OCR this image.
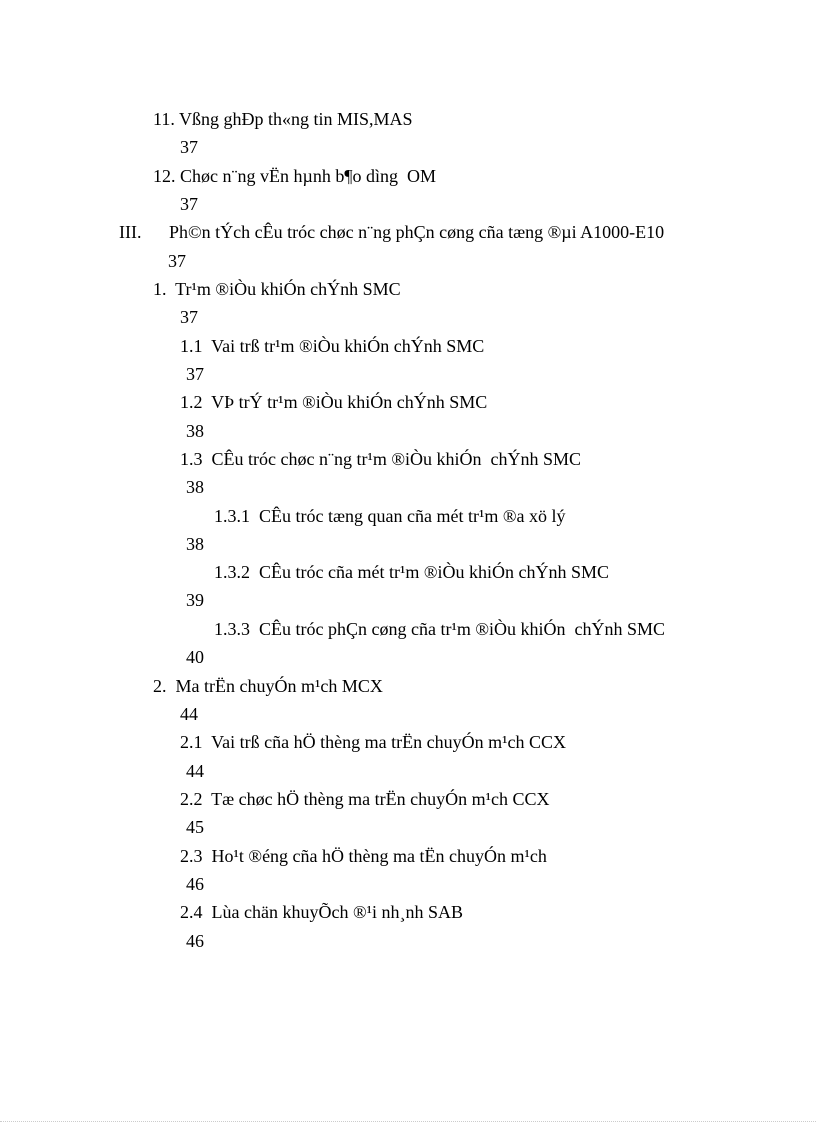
11. Vßng ghÐp th«ng tin MIS,MAS
37
12. Chøc n¨ng vËn hµnh b¶o dìng  OM
37
III. Ph©n tÝch cÊu tróc chøc n¨ng phÇn cøng cña tæng ®µi A1000-E10
37
1.  Tr¹m ®iÒu khiÓn chÝnh SMC
37
1.1  Vai trß tr¹m ®iÒu khiÓn chÝnh SMC
37
1.2  VÞ trÝ tr¹m ®iÒu khiÓn chÝnh SMC
38
1.3  CÊu tróc chøc n¨ng tr¹m ®iÒu khiÓn  chÝnh SMC
38
1.3.1  CÊu tróc tæng quan cña mét tr¹m ®a xö lý
38
1.3.2  CÊu tróc cña mét tr¹m ®iÒu khiÓn chÝnh SMC
39
1.3.3  CÊu tróc phÇn cøng cña tr¹m ®iÒu khiÓn  chÝnh SMC
40
2.  Ma trËn chuyÓn m¹ch MCX
44
2.1  Vai trß cña hÖ thèng ma trËn chuyÓn m¹ch CCX
44
2.2  Tæ chøc hÖ thèng ma trËn chuyÓn m¹ch CCX
45
2.3  Ho¹t ®éng cña hÖ thèng ma tËn chuyÓn m¹ch
46
2.4  Lùa chän khuyÕch ®¹i nh¸nh SAB
46
